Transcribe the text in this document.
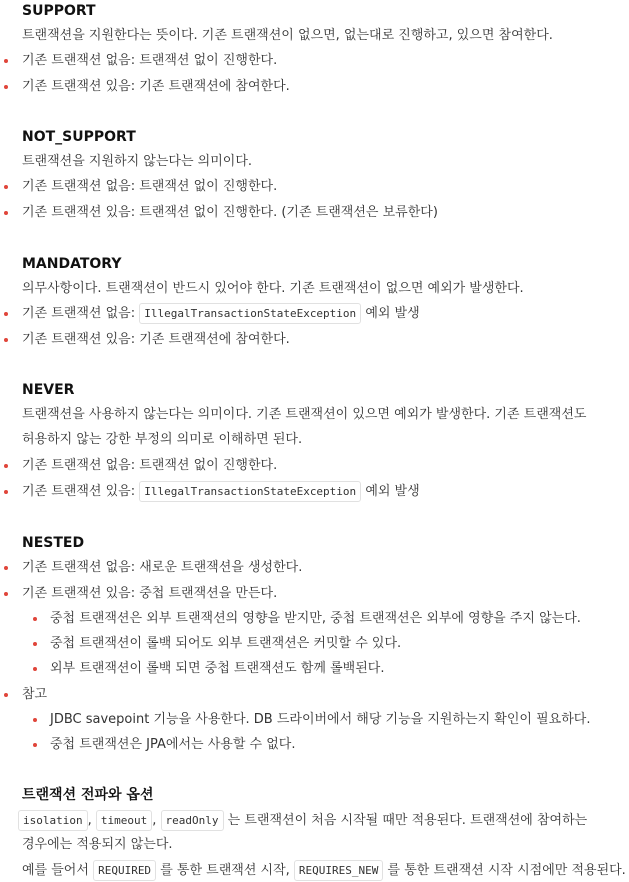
SUPPORT
트랜잭션을 지원한다는 뜻이다. 기존 트랜잭션이 없으면, 없는대로 진행하고, 있으면 참여한다.
기존 트랜잭션 없음: 트랜잭션 없이 진행한다.
기존 트랜잭션 있음: 기존 트랜잭션에 참여한다.
NOT_SUPPORT
트랜잭션을 지원하지 않는다는 의미이다.
기존 트랜잭션 없음: 트랜잭션 없이 진행한다.
기존 트랜잭션 있음: 트랜잭션 없이 진행한다. (기존 트랜잭션은 보류한다)
MANDATORY
의무사항이다. 트랜잭션이 반드시 있어야 한다. 기존 트랜잭션이 없으면 예외가 발생한다.
기존 트랜잭션 없음: IllegalTransactionStateException 예외 발생
기존 트랜잭션 있음: 기존 트랜잭션에 참여한다.
NEVER
트랜잭션을 사용하지 않는다는 의미이다. 기존 트랜잭션이 있으면 예외가 발생한다. 기존 트랜잭션도
허용하지 않는 강한 부정의 의미로 이해하면 된다.
기존 트랜잭션 없음: 트랜잭션 없이 진행한다.
기존 트랜잭션 있음: IllegalTransactionStateException 예외 발생
NESTED
기존 트랜잭션 없음: 새로운 트랜잭션을 생성한다.
기존 트랜잭션 있음: 중첩 트랜잭션을 만든다.
중첩 트랜잭션은 외부 트랜잭션의 영향을 받지만, 중첩 트랜잭션은 외부에 영향을 주지 않는다.
중첩 트랜잭션이 롤백 되어도 외부 트랜잭션은 커밋할 수 있다.
외부 트랜잭션이 롤백 되면 중첩 트랜잭션도 함께 롤백된다.
참고
JDBC savepoint 기능을 사용한다. DB 드라이버에서 해당 기능을 지원하는지 확인이 필요하다.
중첩 트랜잭션은 JPA에서는 사용할 수 없다.
트랜잭션 전파와 옵션
isolation , timeout , readOnly 는 트랜잭션이 처음 시작될 때만 적용된다. 트랜잭션에 참여하는
경우에는 적용되지 않는다.
예를 들어서 REQUIRED 를 통한 트랜잭션 시작, REQUIRES_NEW 를 통한 트랜잭션 시작 시점에만 적용된다.
